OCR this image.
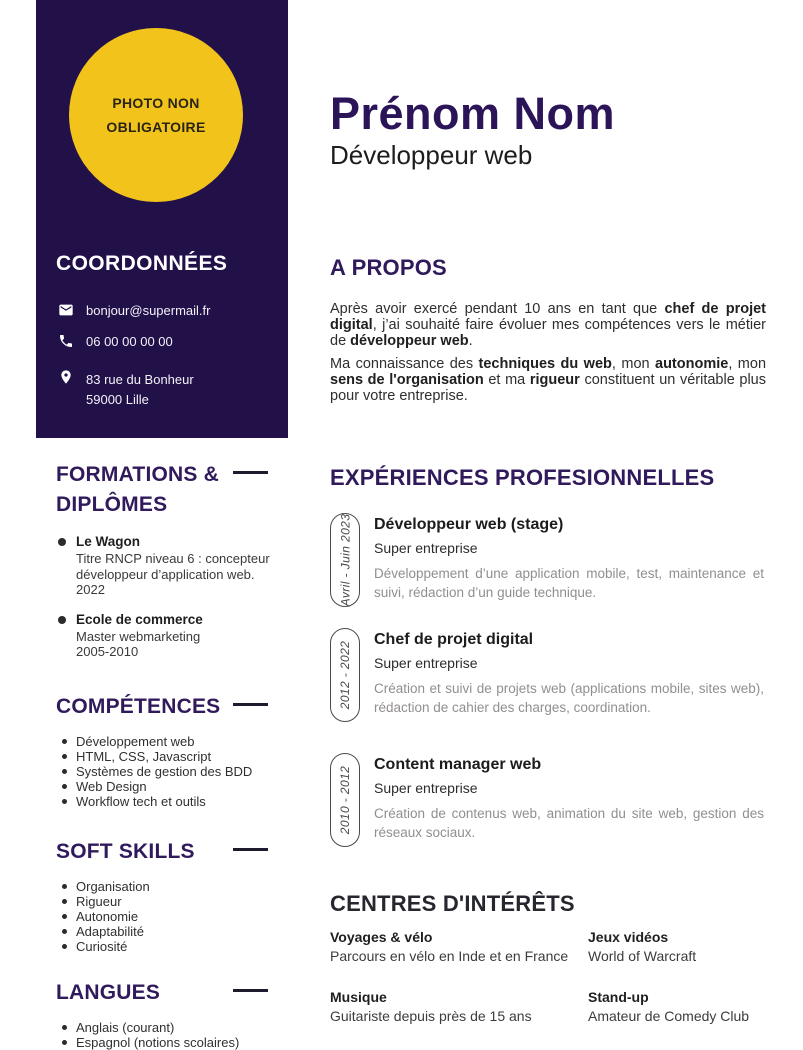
PHOTO NON
OBLIGATOIRE
COORDONNÉES
bonjour@supermail.fr
06 00 00 00 00
83 rue du Bonheur
59000 Lille
FORMATIONS &
DIPLÔMES
Le Wagon
Titre RNCP niveau 6 : concepteur développeur d’application web.
2022
Ecole de commerce
Master webmarketing
2005-2010
COMPÉTENCES
Développement web
HTML, CSS, Javascript
Systèmes de gestion des BDD
Web Design
Workflow tech et outils
SOFT SKILLS
Organisation
Rigueur
Autonomie
Adaptabilité
Curiosité
LANGUES
Anglais (courant)
Espagnol (notions scolaires)
Prénom Nom
Développeur web
A PROPOS

Après avoir exercé pendant 10 ans en tant que chef de projet digital, j’ai souhaité faire évoluer mes compétences vers le métier de développeur web.

Ma connaissance des techniques du web, mon autonomie, mon sens de l'organisation et ma rigueur constituent un véritable plus pour votre entreprise.

EXPÉRIENCES PROFESIONNELLES
Avril - Juin 2023 Développeur web (stage)
Super entreprise
Développement d’une application mobile, test, maintenance et suivi, rédaction d’un guide technique.
2012 - 2022
Chef de projet digital
Super entreprise
Création et suivi de projets web (applications mobile, sites web), rédaction de cahier des charges, coordination.
2010 - 2012
Content manager web
Super entreprise
Création de contenus web, animation du site web, gestion des réseaux sociaux.
CENTRES D'INTÉRÊTS
Voyages & vélo
Parcours en vélo en Inde et en France
Jeux vidéos
World of Warcraft
Musique
Guitariste depuis près de 15 ans
Stand-up
Amateur de Comedy Club
